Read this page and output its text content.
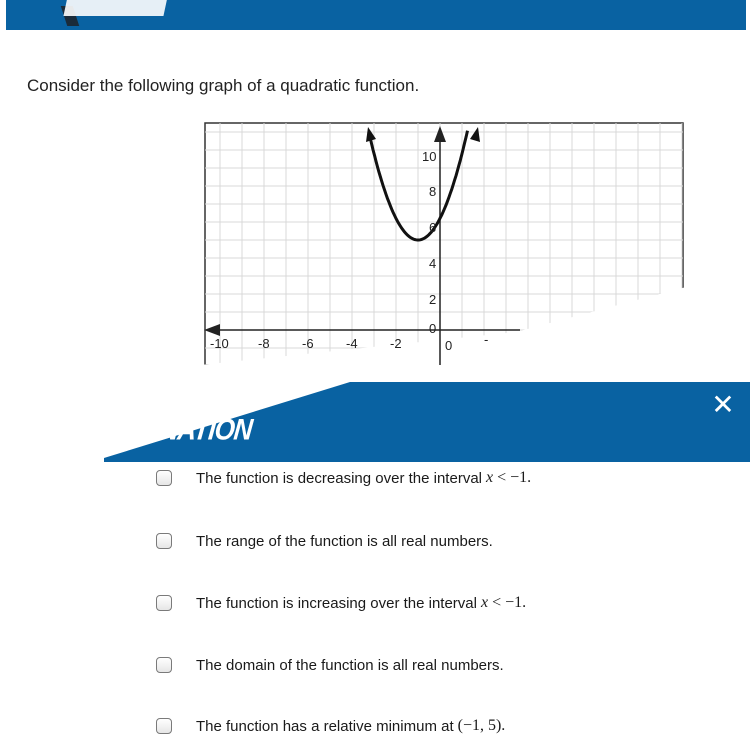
Consider the following graph of a quadratic function.
-10 -8 -6 -4 -2	0 -
10
8
6
4
2
0
NATION
✕
The function is decreasing over the interval x < −1.
The range of the function is all real numbers.
The function is increasing over the interval x < −1.
The domain of the function is all real numbers.
The function has a relative minimum at (−1, 5).
